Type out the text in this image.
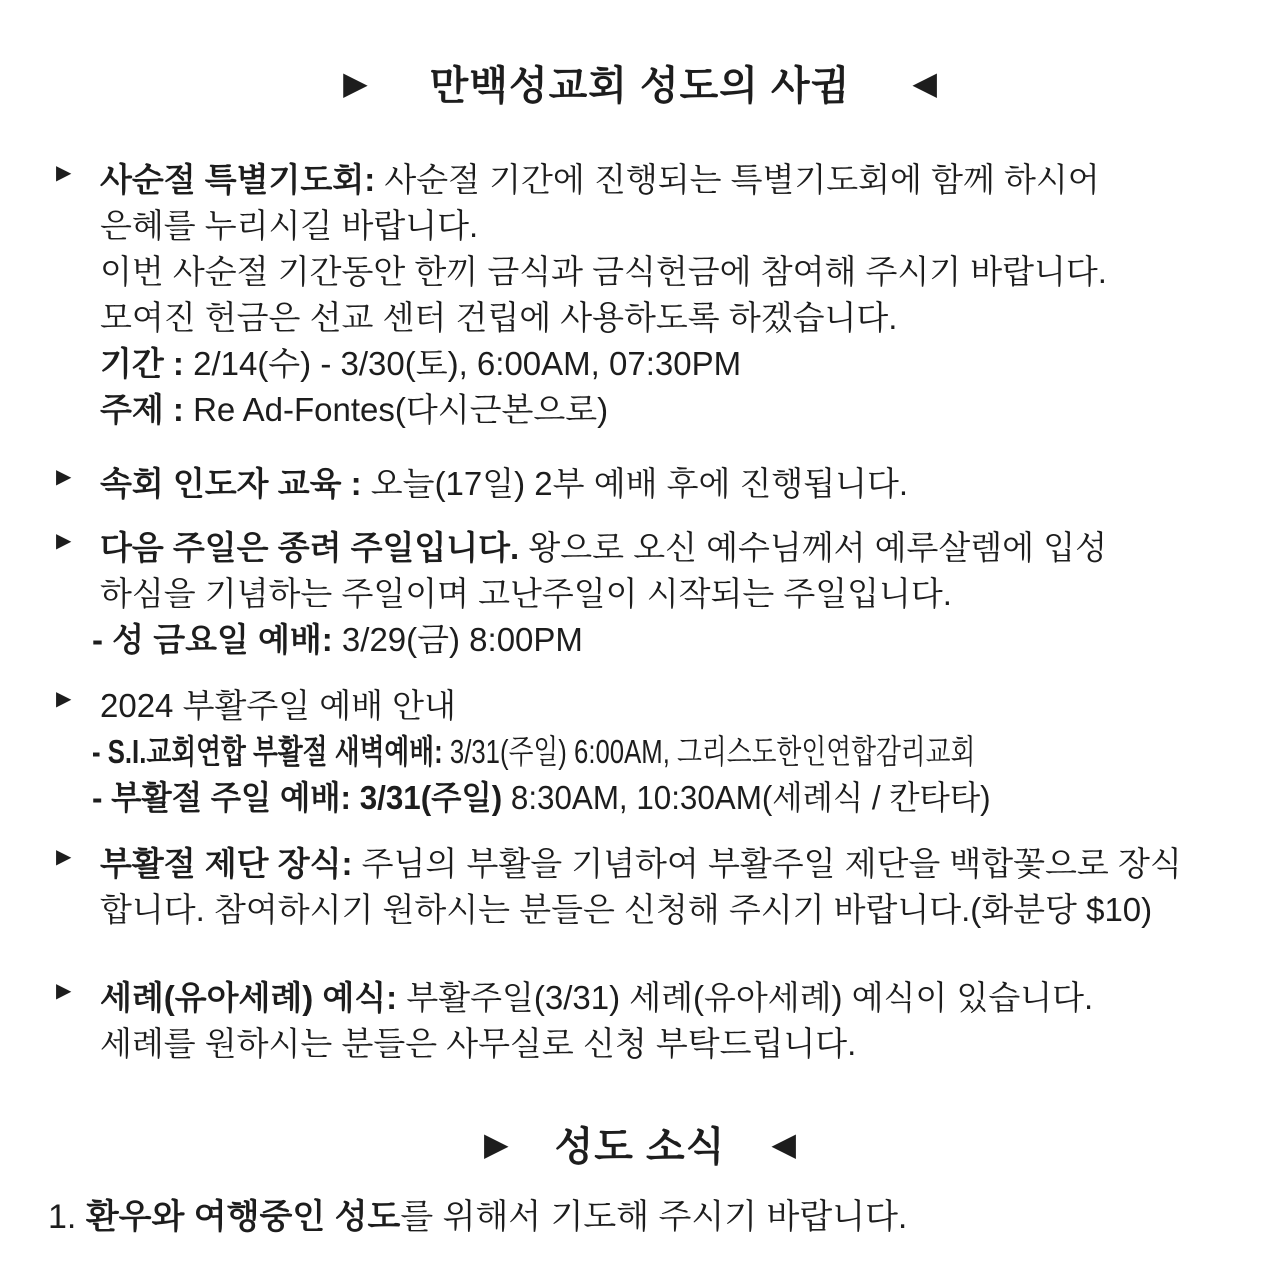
▶ 만백성교회 성도의 사귐 ◀
▶ 사순절 특별기도회: 사순절 기간에 진행되는 특별기도회에 함께 하시어
은혜를 누리시길 바랍니다.
이번 사순절 기간동안 한끼 금식과 금식헌금에 참여해 주시기 바랍니다.
모여진 헌금은 선교 센터 건립에 사용하도록 하겠습니다.
기간 : 2/14(수) - 3/30(토), 6:00AM, 07:30PM
주제 : Re Ad-Fontes(다시근본으로)
▶ 속회 인도자 교육 : 오늘(17일) 2부 예배 후에 진행됩니다.
▶ 다음 주일은 종려 주일입니다. 왕으로 오신 예수님께서 예루살렘에 입성
하심을 기념하는 주일이며 고난주일이 시작되는 주일입니다.
- 성 금요일 예배: 3/29(금) 8:00PM
▶ 2024 부활주일 예배 안내
- S.I.교회연합 부활절 새벽예배: 3/31(주일) 6:00AM, 그리스도한인연합감리교회
- 부활절 주일 예배: 3/31(주일) 8:30AM, 10:30AM(세례식 / 칸타타)
▶ 부활절 제단 장식: 주님의 부활을 기념하여 부활주일 제단을 백합꽃으로 장식
합니다. 참여하시기 원하시는 분들은 신청해 주시기 바랍니다.(화분당 $10)
▶ 세례(유아세례) 예식: 부활주일(3/31) 세례(유아세례) 예식이 있습니다.
세례를 원하시는 분들은 사무실로 신청 부탁드립니다.
▶ 성도 소식 ◀
1. 환우와 여행중인 성도를 위해서 기도해 주시기 바랍니다.
